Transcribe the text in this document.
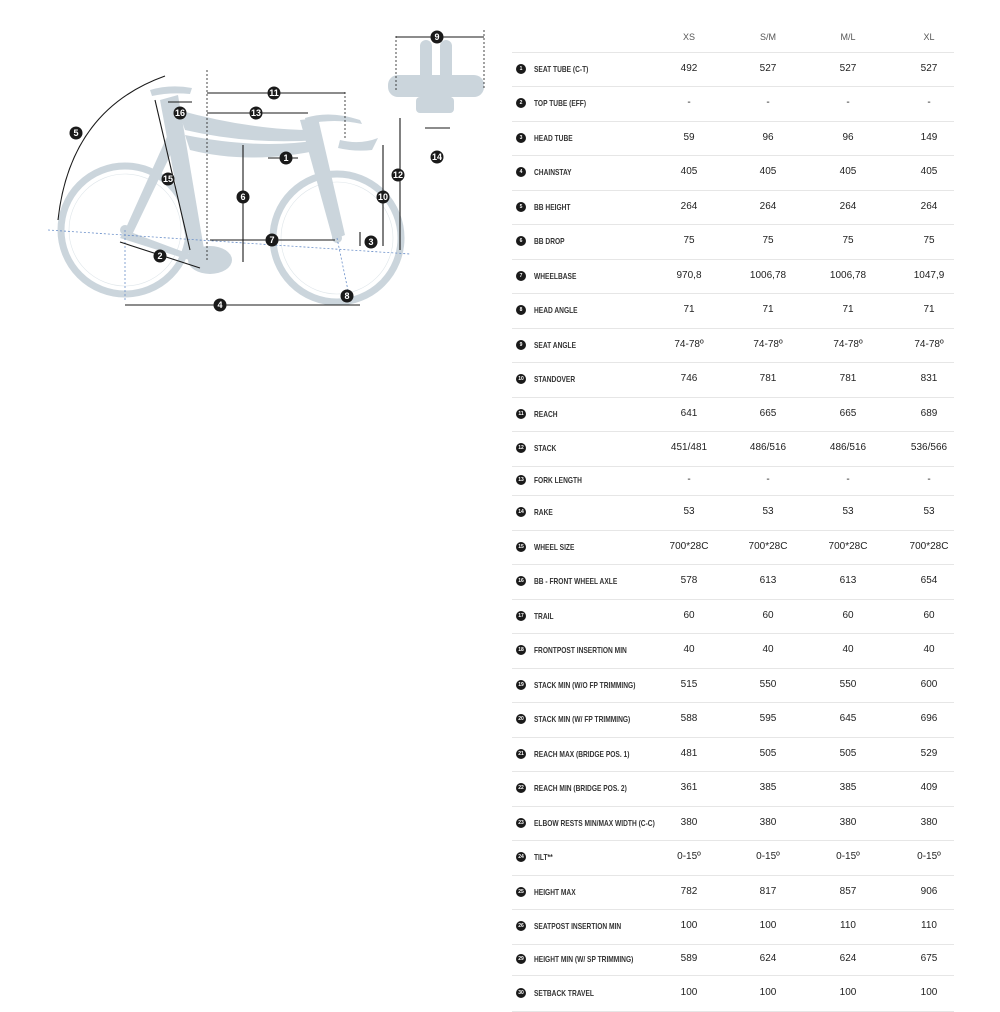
1
2
3
4
5
6
7
8
9
10
11
12
13
14
15
16
XS	S/M	M/L	XL
1	SEAT TUBE (C-T)	492	527	527	527
2	TOP TUBE (EFF)	-	-	-	-
3	HEAD TUBE	59	96	96	149
4	CHAINSTAY	405	405	405	405
5	BB HEIGHT	264	264	264	264
6	BB DROP	75	75	75	75
7	WHEELBASE	970,8	1006,78	1006,78	1047,9
8	HEAD ANGLE	71	71	71	71
9	SEAT ANGLE	74-78º	74-78º	74-78º	74-78º
10 STANDOVER	746	781	781	831
11 REACH	641	665	665	689
12 STACK	451/481	486/516	486/516	536/566
13 FORK LENGTH	-	-	-	-
14 RAKE	53	53	53	53
15 WHEEL SIZE	700*28C	700*28C	700*28C	700*28C
16 BB - FRONT WHEEL AXLE	578	613	613	654
17 TRAIL	60	60	60	60
18 FRONTPOST INSERTION MIN	40	40	40	40
19 STACK MIN (W/O FP TRIMMING)	515	550	550	600
20 STACK MIN (W/ FP TRIMMING)	588	595	645	696
21 REACH MAX (BRIDGE POS. 1)	481	505	505	529
22 REACH MIN (BRIDGE POS. 2)	361	385	385	409
23 ELBOW RESTS MIN/MAX WIDTH (C-C)	380	380	380	380
24 TILT**	0-15º	0-15º	0-15º	0-15º
25 HEIGHT MAX	782	817	857	906
26 SEATPOST INSERTION MIN	100	100	110	110
29 HEIGHT MIN (W/ SP TRIMMING)	589	624	624	675
30 SETBACK TRAVEL	100	100	100	100
